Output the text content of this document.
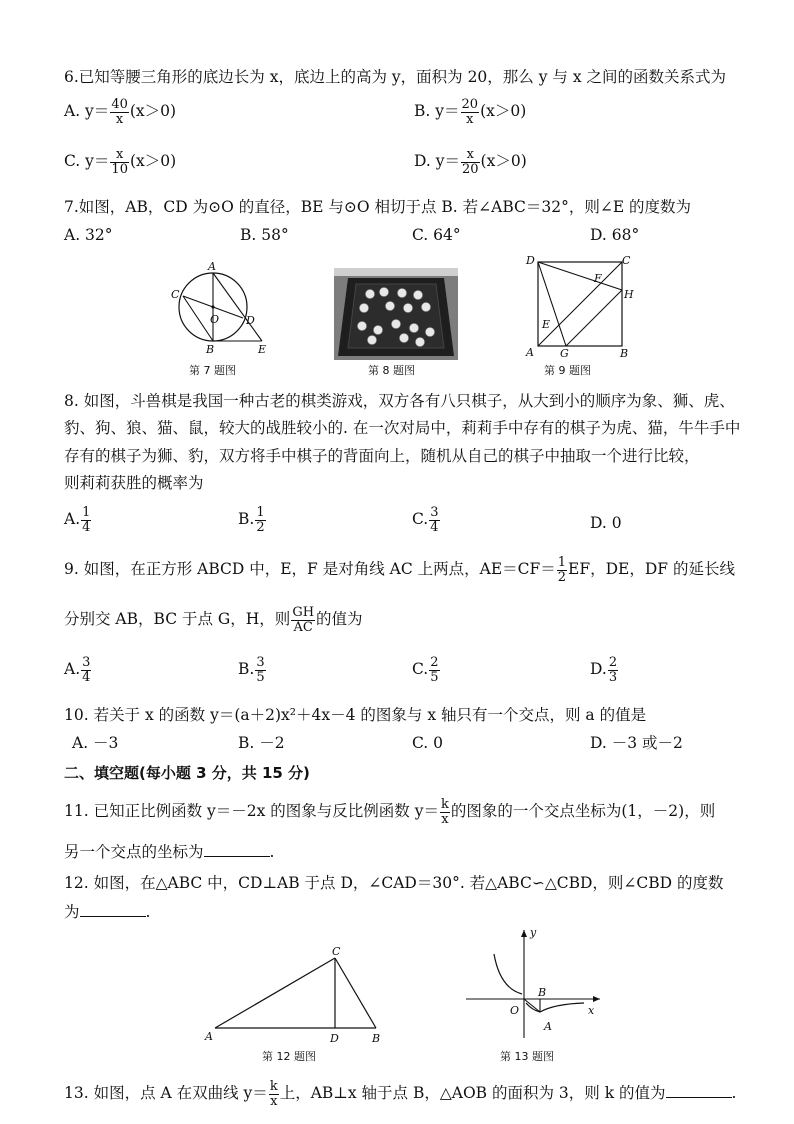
6.已知等腰三角形的底边长为 x，底边上的高为 y，面积为 20，那么 y 与 x 之间的函数关系式为
A. $y= \frac{40}{x} (x>0)$	B. $y= \frac{20}{x} (x>0)$
C. $y= \frac{x}{10} (x>0)$	D. $y= \frac{x}{20} (x>0)$
7.如图，AB，CD 为⊙O 的直径，BE 与⊙O 相切于点 B. 若∠ABC＝32°，则∠E 的度数为
A. 32°	B. 58°	C. 64°	D. 68°
A
C
O D
B	E
第 7 题图	第 8 题图
D	C
F
H
E
A G	B
第 9 题图
8. 如图，斗兽棋是我国一种古老的棋类游戏，双方各有八只棋子，从大到小的顺序为象、狮、虎、
豹、狗、狼、猫、鼠，较大的战胜较小的. 在一次对局中，莉莉手中存有的棋子为虎、猫，牛牛手中
存有的棋子为狮、豹，双方将手中棋子的背面向上，随机从自己的棋子中抽取一个进行比较，
则莉莉获胜的概率为
A. $\frac{1}{4}$	B. $\frac{1}{2}$	C. $\frac{3}{4}$	D. 0
9. 如图，在正方形 ABCD 中，E，F 是对角线 AC 上两点，$AE=CF= \frac{1}{2}$ EF，DE，DF 的延长线
分别交 AB，BC 于点 G，H，则 $\frac{GH}{AC}$ 的值为
A. $\frac{3}{4}$	B. $\frac{3}{5}$	C. $\frac{2}{5}$	D. $\frac{2}{3}$
10. 若关于 x 的函数 y＝(a＋2)x²＋4x－4 的图象与 x 轴只有一个交点，则 a 的值是
A. －3	B. －2	C. 0	D. －3 或－2
二、填空题(每小题 3 分，共 15 分)
11. 已知正比例函数 y＝－2x 的图象与反比例函数 $y= \frac{k}{x}$ 的图象的一个交点坐标为(1，－2)，则
另一个交点的坐标为	.
12. 如图，在△ABC 中，CD⊥AB 于点 D，∠CAD＝30°. 若△ABC∽△CBD，则∠CBD 的度数
为	.
C
A	D	B
第 12 题图
y
O
B
x
A
第 13 题图
13. 如图，点 A 在双曲线 $y= \frac{k}{x}$ 上，AB⊥x 轴于点 B，△AOB 的面积为 3，则 k 的值为	.
